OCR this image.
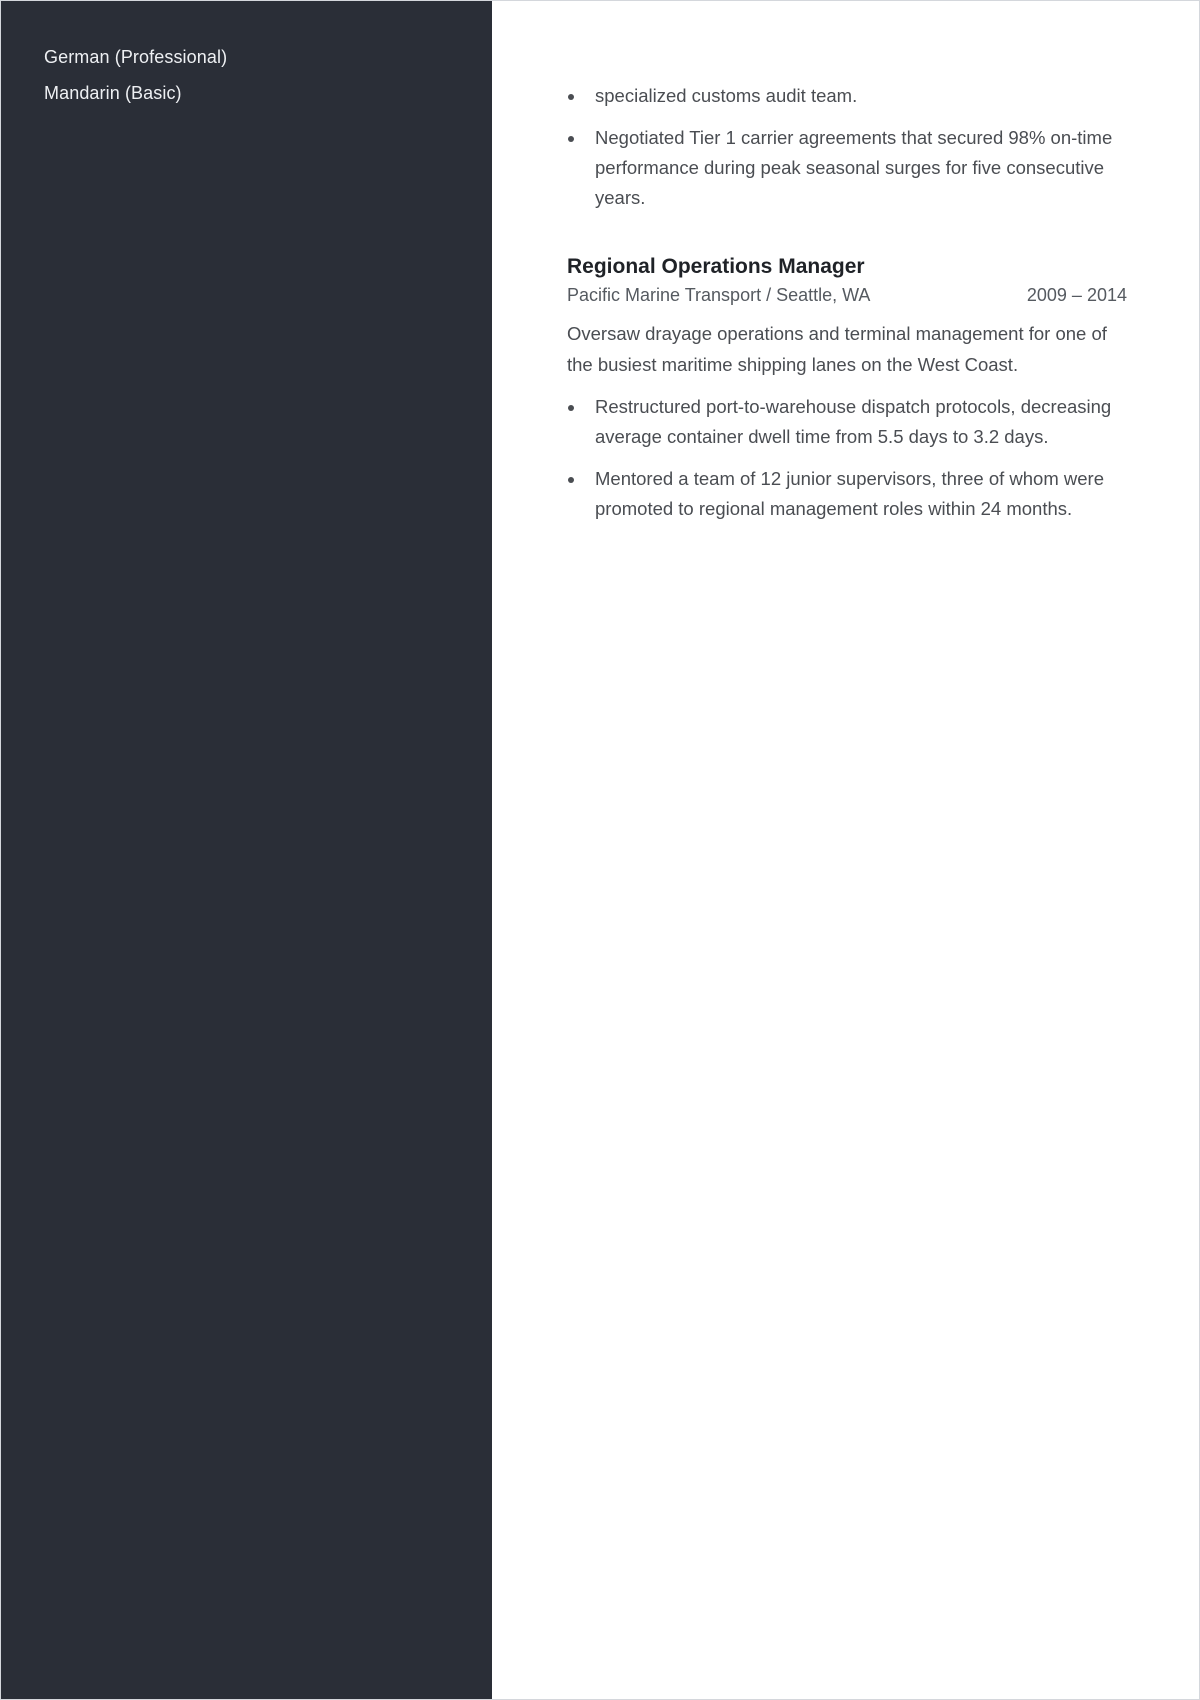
German (Professional)
Mandarin (Basic)	specialized customs audit team.
Negotiated Tier 1 carrier agreements that secured 98% on-time performance during peak seasonal surges for five consecutive years.
Regional Operations Manager
Pacific Marine Transport / Seattle, WA	2009 – 2014

Oversaw drayage operations and terminal management for one of the busiest maritime shipping lanes on the West Coast.

Restructured port-to-warehouse dispatch protocols, decreasing average container dwell time from 5.5 days to 3.2 days.
Mentored a team of 12 junior supervisors, three of whom were promoted to regional management roles within 24 months.
